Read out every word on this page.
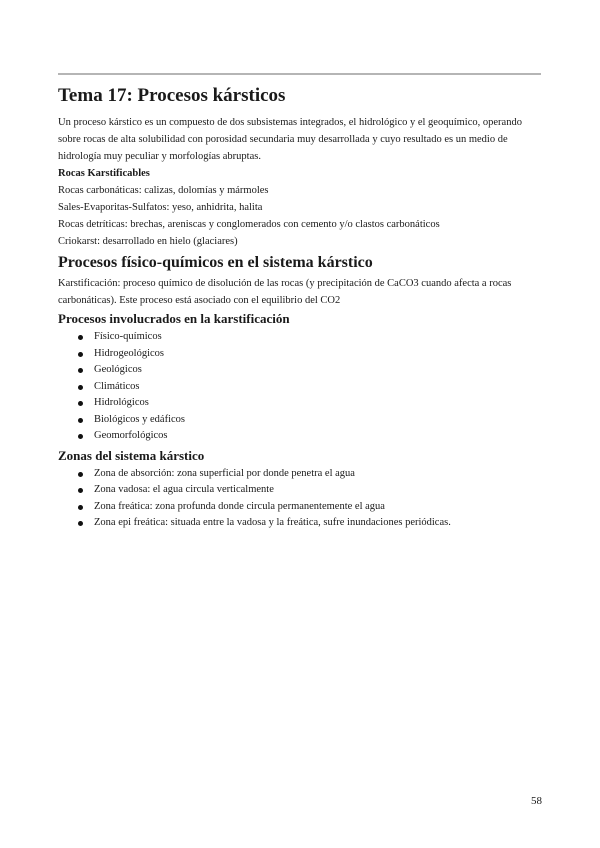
Tema 17: Procesos kársticos

Un proceso kárstico es un compuesto de dos subsistemas integrados, el hidrológico y el geoquímico, operando sobre rocas de alta solubilidad con porosidad secundaria muy desarrollada y cuyo resultado es un medio de hidrología muy peculiar y morfologías abruptas.

Rocas Karstificables

Rocas carbonáticas: calizas, dolomías y mármoles

Sales-Evaporitas-Sulfatos: yeso, anhidrita, halita

Rocas detríticas: brechas, areniscas y conglomerados con cemento y/o clastos carbonáticos

Criokarst: desarrollado en hielo (glaciares)

Procesos físico-químicos en el sistema kárstico

Karstificación: proceso químico de disolución de las rocas (y precipitación de CaCO3 cuando afecta a rocas carbonáticas). Este proceso está asociado con el equilibrio del CO2

Procesos involucrados en la karstificación
Físico-químicos
Hidrogeológicos
Geológicos
Climáticos
Hidrológicos
Biológicos y edáficos
Geomorfológicos
Zonas del sistema kárstico
Zona de absorción: zona superficial por donde penetra el agua
Zona vadosa: el agua circula verticalmente
Zona freática: zona profunda donde circula permanentemente el agua
Zona epi freática: situada entre la vadosa y la freática, sufre inundaciones periódicas.
58
